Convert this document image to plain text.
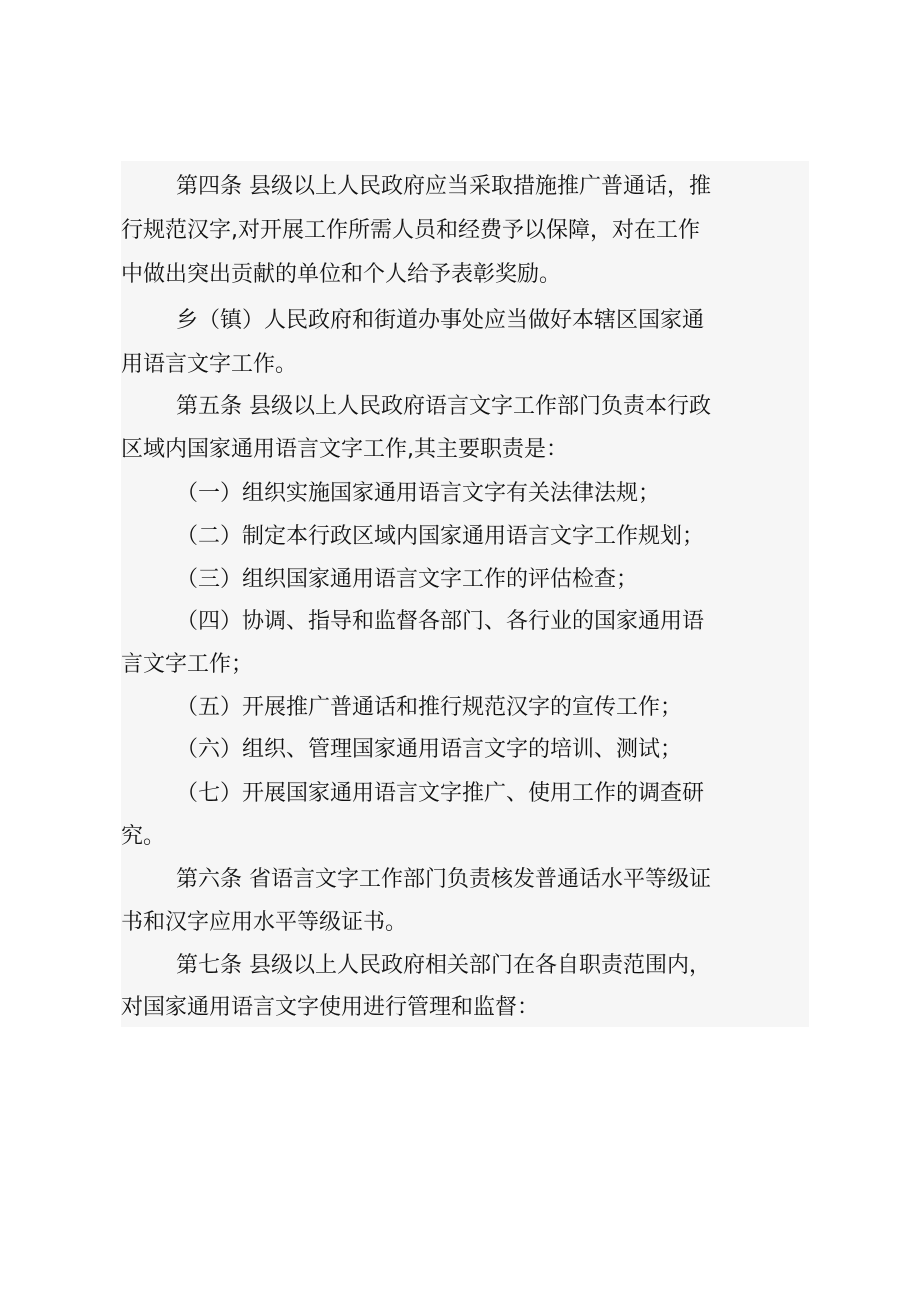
第四条 县级以上人民政府应当采取措施推广普通话，推
行规范汉字,对开展工作所需人员和经费予以保障，对在工作
中做出突出贡献的单位和个人给予表彰奖励。
乡（镇）人民政府和街道办事处应当做好本辖区国家通
用语言文字工作。
第五条 县级以上人民政府语言文字工作部门负责本行政
区域内国家通用语言文字工作,其主要职责是：
（一）组织实施国家通用语言文字有关法律法规；
（二）制定本行政区域内国家通用语言文字工作规划；
（三）组织国家通用语言文字工作的评估检查；
（四）协调、指导和监督各部门、各行业的国家通用语
言文字工作；
（五）开展推广普通话和推行规范汉字的宣传工作；
（六）组织、管理国家通用语言文字的培训、测试；
（七）开展国家通用语言文字推广、使用工作的调查研
究。
第六条 省语言文字工作部门负责核发普通话水平等级证
书和汉字应用水平等级证书。
第七条 县级以上人民政府相关部门在各自职责范围内，
对国家通用语言文字使用进行管理和监督：
